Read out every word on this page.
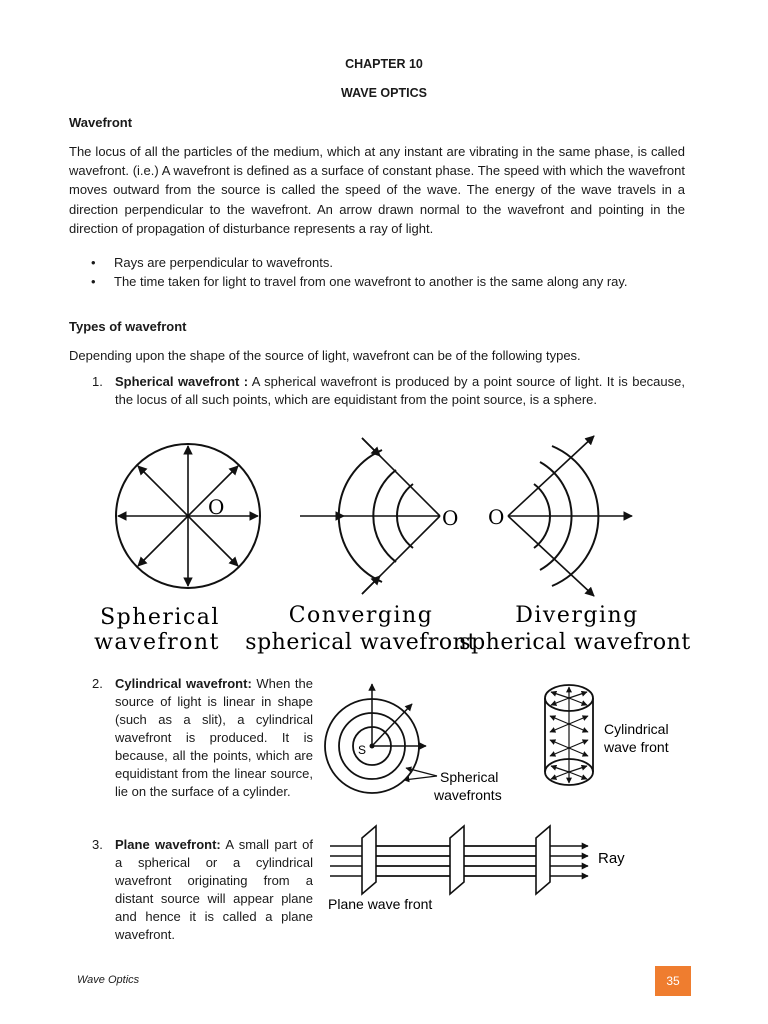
CHAPTER 10
WAVE OPTICS
Wavefront
The locus of all the particles of the medium, which at any instant are vibrating in the same phase, is called wavefront. (i.e.) A wavefront is defined as a surface of constant phase. The speed with which the wavefront moves outward from the source is called the speed of the wave. The energy of the wave travels in a direction perpendicular to the wavefront. An arrow drawn normal to the wavefront and pointing in the direction of propagation of disturbance represents a ray of light.
• Rays are perpendicular to wavefronts.
• The time taken for light to travel from one wavefront to another is the same along any ray.
Types of wavefront
Depending upon the shape of the source of light, wavefront can be of the following types.
1. Spherical wavefront : A spherical wavefront is produced by a point source of light. It is because, the locus of all such points, which are equidistant from the point source, is a sphere.
O
Spherical
wavefront
O
Converging
spherical wavefront
O
Diverging
spherical wavefront
2. Cylindrical wavefront: When the source of light is linear in shape (such as a slit), a cylindrical wavefront is produced. It is because, all the points, which are equidistant from the linear source, lie on the surface of a cylinder.
S
Spherical
wavefronts
Cylindrical
wave front
3. Plane wavefront: A small part of a spherical or a cylindrical wavefront originating from a distant source will appear plane and hence it is called a plane wavefront.
Ray
Plane wave front
Wave Optics	35
